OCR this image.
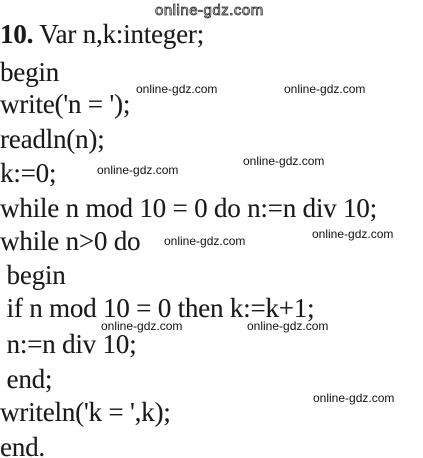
online-gdz.com
10. Var n,k:integer;
begin
write('n = ');
readln(n);
k:=0;
while n mod 10 = 0 do n:=n div 10;
while n>0 do
begin
if n mod 10 = 0 then k:=k+1;
n:=n div 10;
end;
writeln('k = ',k);
end.
online-gdz.com	online-gdz.com
online-gdz.com
online-gdz.com
online-gdz.com	online-gdz.com
online-gdz.com	online-gdz.com
online-gdz.com
